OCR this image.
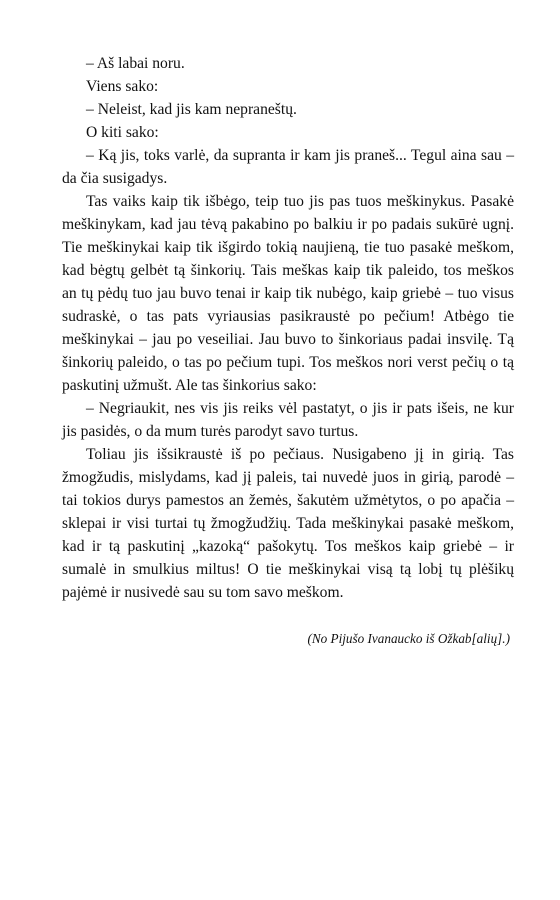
– Aš labai noru.

Viens sako:

– Neleist, kad jis kam nepraneštų.

O kiti sako:

– Ką jis, toks varlė, da supranta ir kam jis praneš... Tegul aina sau – da čia susigadys.

Tas vaiks kaip tik išbėgo, teip tuo jis pas tuos meškinykus. Pasakė meškinykam, kad jau tėvą pakabino po balkiu ir po padais sukūrė ugnį. Tie meškinykai kaip tik išgirdo tokią naujieną, tie tuo pasakė meškom, kad bėgtų gelbėt tą šinkorių. Tais meškas kaip tik paleido, tos meškos an tų pėdų tuo jau buvo tenai ir kaip tik nubėgo, kaip griebė – tuo visus sudraskė, o tas pats vyriausias pasikraustė po pečium! Atbėgo tie meškinykai – jau po veseiliai. Jau buvo to šinkoriaus padai insvilę. Tą šinkorių paleido, o tas po pečium tupi. Tos meškos nori verst pečių o tą paskutinį užmušt. Ale tas šinkorius sako:

– Negriaukit, nes vis jis reiks vėl pastatyt, o jis ir pats išeis, ne kur jis pasidės, o da mum turės parodyt savo turtus.

Toliau jis išsikraustė iš po pečiaus. Nusigabeno jį in girią. Tas žmogžudis, mislydams, kad jį paleis, tai nuvedė juos in girią, parodė – tai tokios durys pamestos an žemės, šakutėm užmėtytos, o po apačia – sklepai ir visi turtai tų žmogžudžių. Tada meškinykai pasakė meškom, kad ir tą paskutinį „kazoką“ pašokytų. Tos meškos kaip griebė – ir sumalė in smulkius miltus! O tie meškinykai visą tą lobį tų plėšikų pajėmė ir nusivedė sau su tom savo meškom.

(No Pijušo Ivanaucko iš Ožkab[alių].)
